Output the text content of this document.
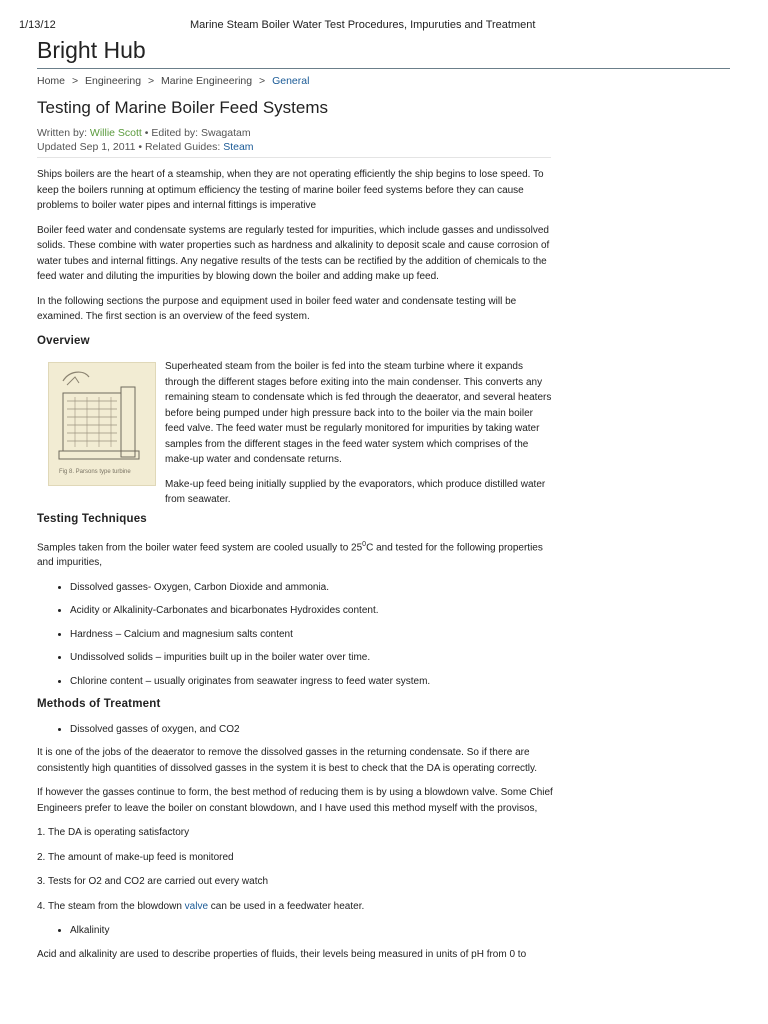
1/13/12	Marine Steam Boiler Water Test Procedures, Impuruties and Treatment
Bright Hub
Home > Engineering > Marine Engineering > General
Testing of Marine Boiler Feed Systems
Written by: Willie Scott • Edited by: Swagatam
Updated Sep 1, 2011 • Related Guides: Steam

Ships boilers are the heart of a steamship, when they are not operating efficiently the ship begins to lose speed. To keep the boilers running at optimum efficiency the testing of marine boiler feed systems before they can cause problems to boiler water pipes and internal fittings is imperative

Boiler feed water and condensate systems are regularly tested for impurities, which include gasses and undissolved solids. These combine with water properties such as hardness and alkalinity to deposit scale and cause corrosion of water tubes and internal fittings. Any negative results of the tests can be rectified by the addition of chemicals to the feed water and diluting the impurities by blowing down the boiler and adding make up feed.

In the following sections the purpose and equipment used in boiler feed water and condensate testing will be examined. The first section is an overview of the feed system.

Overview
Fig 8. Parsons type turbine

Superheated steam from the boiler is fed into the steam turbine where it expands through the different stages before exiting into the main condenser. This converts any remaining steam to condensate which is fed through the deaerator, and several heaters before being pumped under high pressure back into to the boiler via the main boiler feed valve. The feed water must be regularly monitored for impurities by taking water samples from the different stages in the feed water system which comprises of the make-up water and condensate returns.

Make-up feed being initially supplied by the evaporators, which produce distilled water from seawater.

Testing Techniques

Samples taken from the boiler water feed system are cooled usually to $25^0C$ and tested for the following properties and impurities,

• Dissolved gasses- Oxygen, Carbon Dioxide and ammonia.
• Acidity or Alkalinity-Carbonates and bicarbonates Hydroxides content.
• Hardness – Calcium and magnesium salts content
• Undissolved solids – impurities built up in the boiler water over time.
• Chlorine content – usually originates from seawater ingress to feed water system.
Methods of Treatment
• Dissolved gasses of oxygen, and CO2

It is one of the jobs of the deaerator to remove the dissolved gasses in the returning condensate. So if there are consistently high quantities of dissolved gasses in the system it is best to check that the DA is operating correctly.

If however the gasses continue to form, the best method of reducing them is by using a blowdown valve. Some Chief Engineers prefer to leave the boiler on constant blowdown, and I have used this method myself with the provisos,

1. The DA is operating satisfactory

2. The amount of make-up feed is monitored

3. Tests for O2 and CO2 are carried out every watch

4. The steam from the blowdown valve can be used in a feedwater heater.

• Alkalinity

Acid and alkalinity are used to describe properties of fluids, their levels being measured in units of pH from 0 to
